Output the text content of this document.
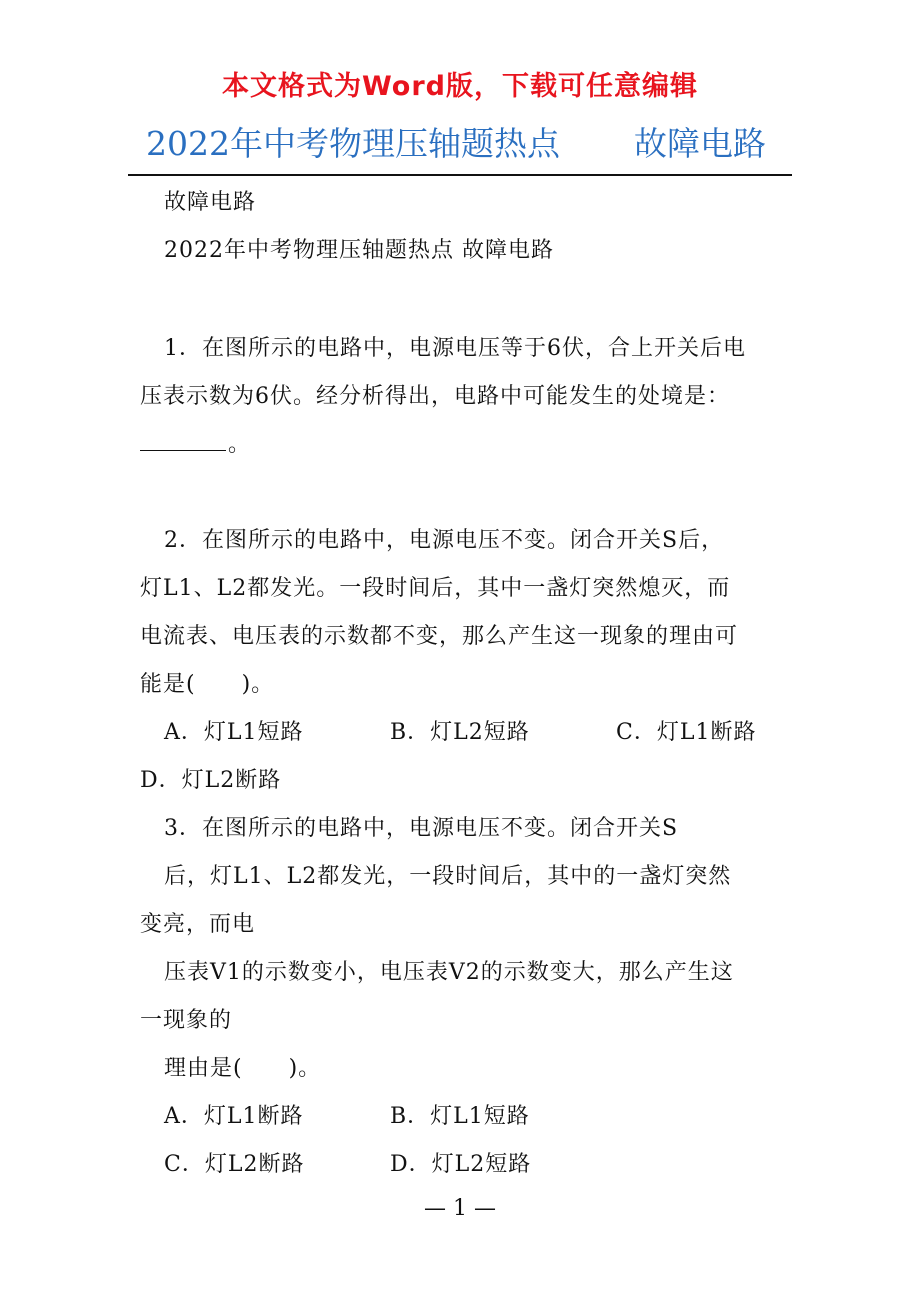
本文格式为Word版，下载可任意编辑
2022年中考物理压轴题热点 故障电路
故障电路
2022年中考物理压轴题热点 故障电路
1．在图所示的电路中，电源电压等于6伏，合上开关后电
压表示数为6伏。经分析得出，电路中可能发生的处境是：
。
2．在图所示的电路中，电源电压不变。闭合开关S后，
灯L1、L2都发光。一段时间后，其中一盏灯突然熄灭，而
电流表、电压表的示数都不变，那么产生这一现象的理由可
能是(　　)。
A．灯L1短路	B．灯L2短路	C．灯L1断路
D．灯L2断路
3．在图所示的电路中，电源电压不变。闭合开关S
后，灯L1、L2都发光，一段时间后，其中的一盏灯突然
变亮，而电
压表V1的示数变小，电压表V2的示数变大，那么产生这
一现象的
理由是(　　)。
A．灯L1断路	B．灯L1短路
C．灯L2断路	D．灯L2短路
— 1 —
